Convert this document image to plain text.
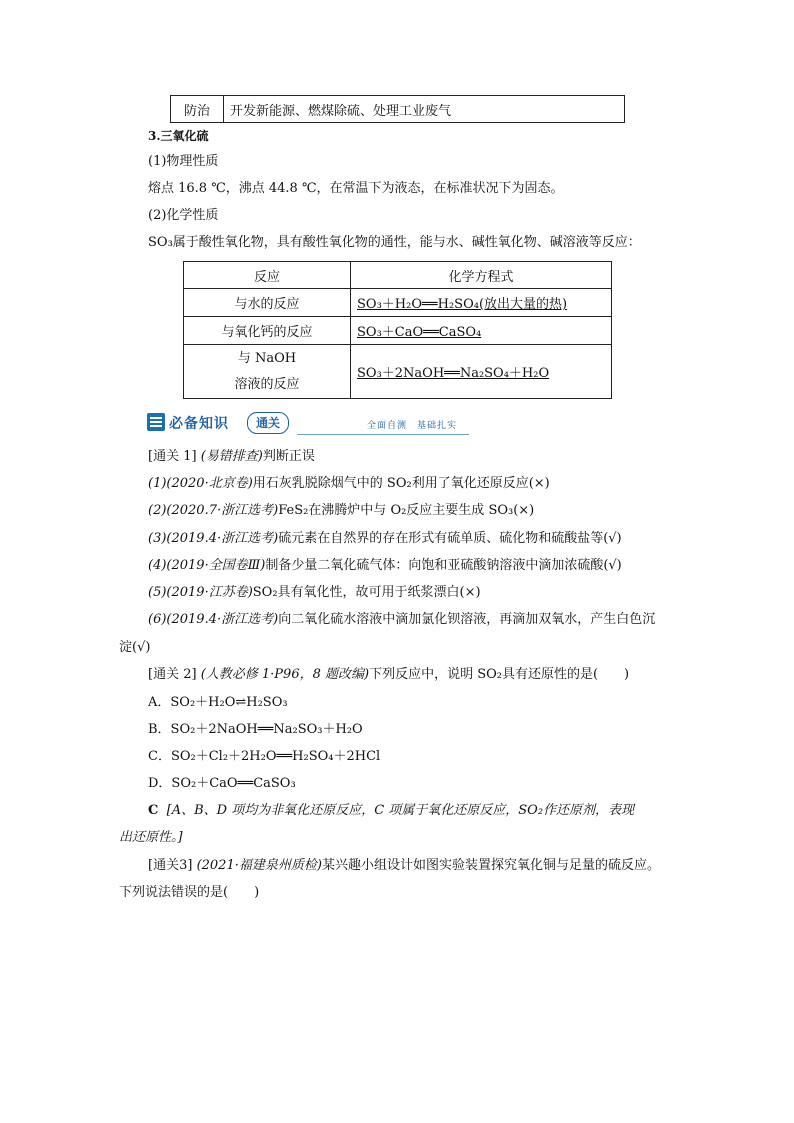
防治	开发新能源、燃煤除硫、处理工业废气
3.三氧化硫
(1)物理性质
熔点 16.8 ℃，沸点 44.8 ℃，在常温下为液态，在标准状况下为固态。
(2)化学性质
SO₃属于酸性氧化物，具有酸性氧化物的通性，能与水、碱性氧化物、碱溶液等反应：
反应	化学方程式
与水的反应	SO₃＋H₂O══H₂SO₄(放出大量的热)
与氧化钙的反应	SO₃＋CaO══CaSO₄

与 NaOH
溶液的反应	SO₃＋2NaOH══Na₂SO₄＋H₂O
必备知识	通关	全面自测　基础扎实
[通关 1] (易错排查)判断正误
(1)(2020·北京卷)用石灰乳脱除烟气中的 SO₂利用了氧化还原反应(×)
(2)(2020.7·浙江选考)FeS₂在沸腾炉中与 O₂反应主要生成 SO₃(×)
(3)(2019.4·浙江选考)硫元素在自然界的存在形式有硫单质、硫化物和硫酸盐等(√)
(4)(2019·全国卷Ⅲ)制备少量二氧化硫气体：向饱和亚硫酸钠溶液中滴加浓硫酸(√)
(5)(2019·江苏卷)SO₂具有氧化性，故可用于纸浆漂白(×)
(6)(2019.4·浙江选考)向二氧化硫水溶液中滴加氯化钡溶液，再滴加双氧水，产生白色沉
淀(√)
[通关 2] (人教必修 1·P96，8 题改编)下列反应中，说明 SO₂具有还原性的是(　　)
A．SO₂＋H₂O⇌H₂SO₃
B．SO₂＋2NaOH══Na₂SO₃＋H₂O
C．SO₂＋Cl₂＋2H₂O══H₂SO₄＋2HCl
D．SO₂＋CaO══CaSO₃
C [A、B、D 项均为非氧化还原反应，C 项属于氧化还原反应，SO₂作还原剂，表现
出还原性。]
[通关3] (2021·福建泉州质检)某兴趣小组设计如图实验装置探究氧化铜与足量的硫反应。
下列说法错误的是(　　)
